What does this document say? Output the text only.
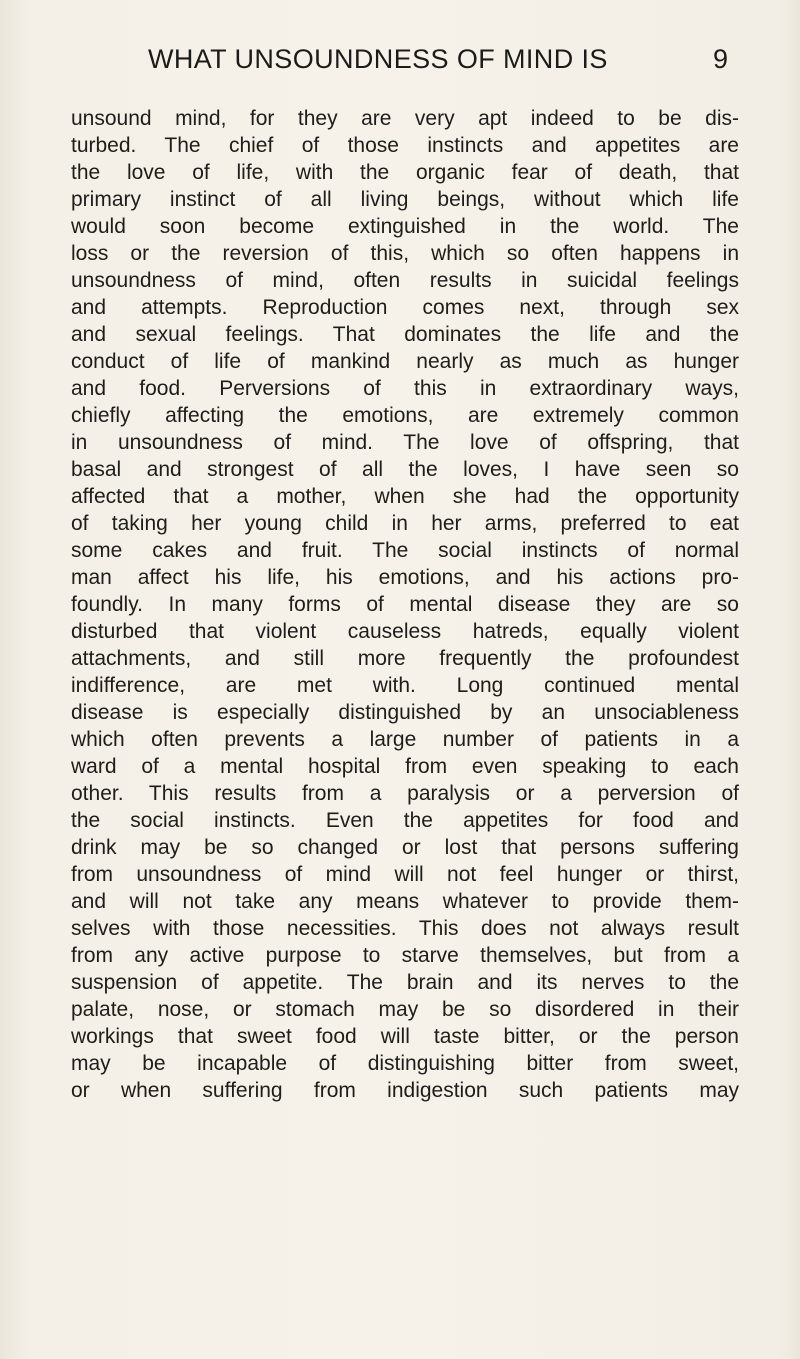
WHAT UNSOUNDNESS OF MIND IS	9
unsound mind, for they are very apt indeed to be dis-
turbed. The chief of those instincts and appetites are
the love of life, with the organic fear of death, that
primary instinct of all living beings, without which life
would soon become extinguished in the world. The
loss or the reversion of this, which so often happens in
unsoundness of mind, often results in suicidal feelings
and attempts. Reproduction comes next, through sex
and sexual feelings. That dominates the life and the
conduct of life of mankind nearly as much as hunger
and food. Perversions of this in extraordinary ways,
chiefly affecting the emotions, are extremely common
in unsoundness of mind. The love of offspring, that
basal and strongest of all the loves, I have seen so
affected that a mother, when she had the opportunity
of taking her young child in her arms, preferred to eat
some cakes and fruit. The social instincts of normal
man affect his life, his emotions, and his actions pro-
foundly. In many forms of mental disease they are so
disturbed that violent causeless hatreds, equally violent
attachments, and still more frequently the profoundest
indifference, are met with. Long continued mental
disease is especially distinguished by an unsociableness
which often prevents a large number of patients in a
ward of a mental hospital from even speaking to each
other. This results from a paralysis or a perversion of
the social instincts. Even the appetites for food and
drink may be so changed or lost that persons suffering
from unsoundness of mind will not feel hunger or thirst,
and will not take any means whatever to provide them-
selves with those necessities. This does not always result
from any active purpose to starve themselves, but from a
suspension of appetite. The brain and its nerves to the
palate, nose, or stomach may be so disordered in their
workings that sweet food will taste bitter, or the person
may be incapable of distinguishing bitter from sweet,
or when suffering from indigestion such patients may
